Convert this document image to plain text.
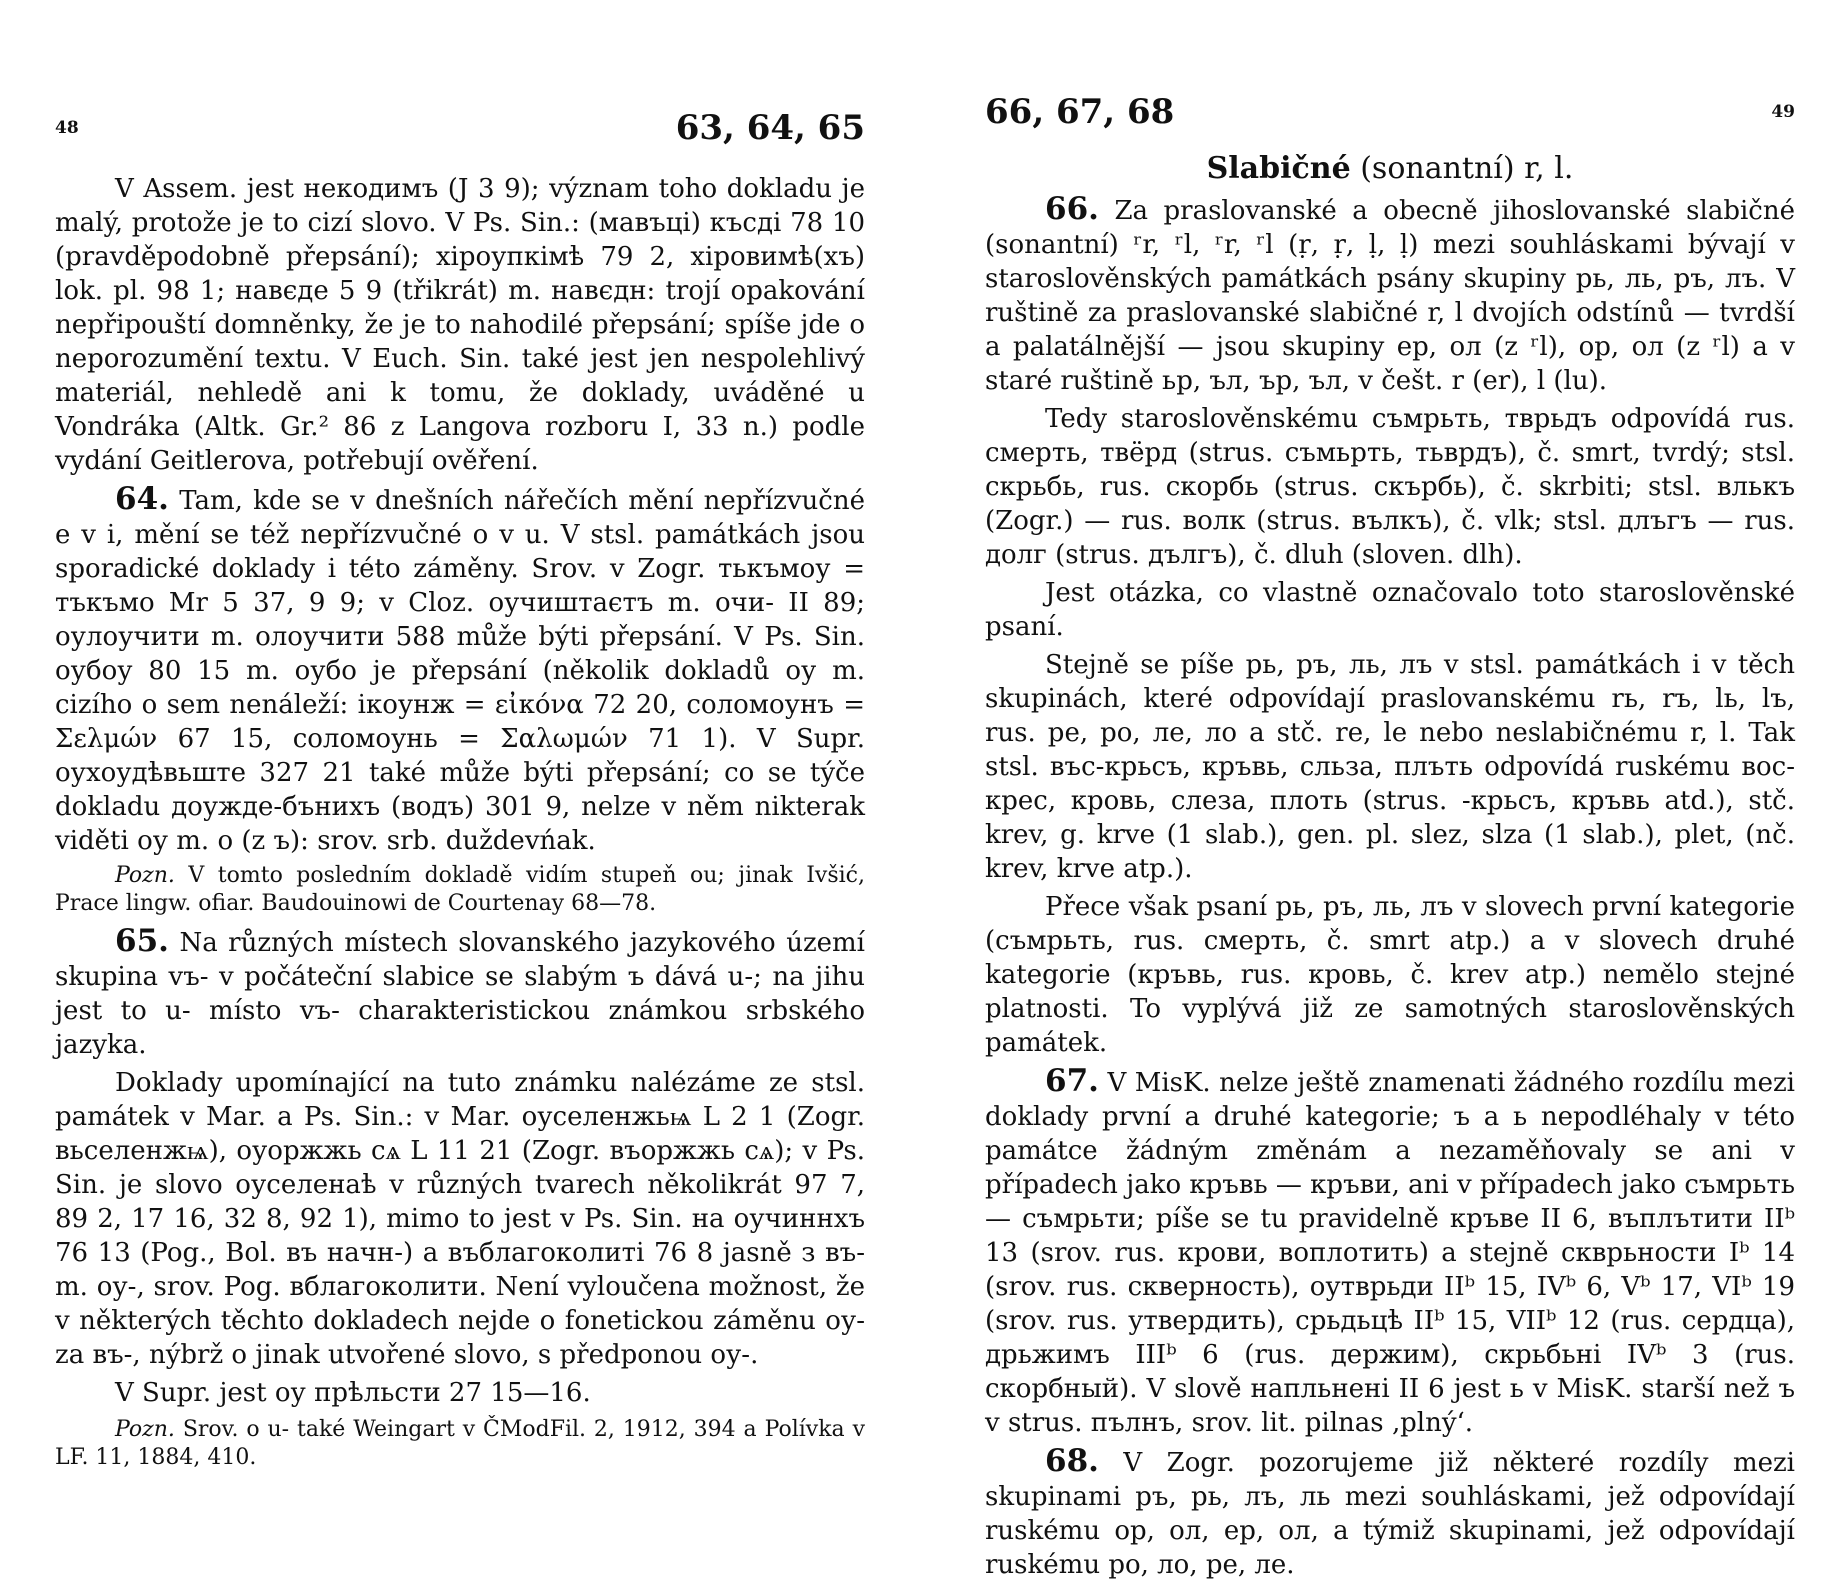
48	63, 64, 65

V Assem. jest некодимъ (J 3 9); význam toho dokladu je malý, protože je to cizí slovo. V Ps. Sin.: (мавъці) късді 78 10 (pravděpodobně přepsání); хіроупкімѣ 79 2, хіровимѣ(хъ) lok. pl. 98 1; навєде 5 9 (třikrát) m. навєдн: trojí opakování nepřipouští domněnky, že je to nahodilé přepsání; spíše jde o neporozumění textu. V Euch. Sin. také jest jen nespolehlivý materiál, nehledě ani k tomu, že doklady, uváděné u Vondráka (Altk. Gr.² 86 z Langova rozboru I, 33 n.) podle vydání Geitlerova, potřebují ověření.

64. Tam, kde se v dnešních nářečích mění nepřízvučné e v i, mění se též nepřízvučné o v u. V stsl. památkách jsou sporadické doklady i této záměny. Srov. v Zogr. тькъмоу = тъкъмо Mr 5 37, 9 9; v Cloz. оучиштаєтъ m. очи- II 89; оулоучити m. олоучити 588 může býti přepsání. V Ps. Sin. оубоу 80 15 m. оубо je přepsání (několik dokladů оу m. cizího o sem nenáleží: ікоунж = εἰκόνα 72 20, соломоунъ = Σελμών 67 15, соломоунь = Σαλωμών 71 1). V Supr. оухоудѣвьште 327 21 také může býti přepsání; co se týče dokladu доужде-бънихъ (водъ) 301 9, nelze v něm nikterak viděti оу m. о (z ъ): srov. srb. duždevńak.

Pozn. V tomto posledním dokladě vidím stupeň ou; jinak Ivšić, Prace lingw. ofiar. Baudouinowi de Courtenay 68—78.

65. Na různých místech slovanského jazykového území skupina vъ- v počáteční slabice se slabým ъ dává u-; na jihu jest to u- místo vъ- charakteristickou známkou srbského jazyka.

Doklady upomínající na tuto známku nalézáme ze stsl. památek v Mar. a Ps. Sin.: v Mar. оуселенжьѩ L 2 1 (Zogr. вьселенжѩ), оуоржжь сѧ L 11 21 (Zogr. въоржжь сѧ); v Ps. Sin. je slovo оуселенаѣ v různých tvarech několikrát 97 7, 89 2, 17 16, 32 8, 92 1), mimo to jest v Ps. Sin. на оучиннхъ 76 13 (Pog., Bol. въ начн-) a въблагоколиті 76 8 jasně з въ- m. оу-, srov. Pog. вблагоколити. Není vyloučena možnost, že v některých těchto dokladech nejde o fonetickou záměnu оу- za въ-, nýbrž o jinak utvořené slovo, s předponou оу-.

V Supr. jest оу прѣльсти 27 15—16.

Pozn. Srov. o u- také Weingart v ČModFil. 2, 1912, 394 a Polívka v LF. 11, 1884, 410.

66, 67, 68	49

Slabičné (sonantní) r, l.

66. Za praslovanské a obecně jihoslovanské slabičné (sonantní) ʳr, ʳl, ʳr, ʳl (ṛ, ṛ, ḷ, ḷ) mezi souhláskami bývají v staroslověnských památkách psány skupiny рь, ль, ръ, лъ. V ruštině za praslovanské slabičné r, l dvojích odstínů — tvrdší a palatálnější — jsou skupiny ер, ол (z ʳl), ор, ол (z ʳl) a v staré ruštině ьр, ъл, ър, ъл, v češt. r (er), l (lu).

Tedy staroslověnskému съмрьть, тврьдъ odpovídá rus. смерть, твёрд (strus. съмьрть, тьврдъ), č. smrt, tvrdý; stsl. скрьбь, rus. скорбь (strus. скърбь), č. skrbiti; stsl. влькъ (Zogr.) — rus. волк (strus. вълкъ), č. vlk; stsl. длъгъ — rus. долг (strus. дългъ), č. dluh (sloven. dlh).

Jest otázka, co vlastně označovalo toto staroslověnské psaní.

Stejně se píše рь, ръ, ль, лъ v stsl. památkách i v těch skupinách, které odpovídají praslovanskému rь, rъ, lь, lъ, rus. ре, ро, ле, ло a stč. re, le nebo neslabičnému r, l. Tak stsl. въс-крьсъ, кръвь, сльза, плъть odpovídá ruskému вос-крес, кровь, слеза, плоть (strus. -крьсъ, кръвь atd.), stč. krev, g. krve (1 slab.), gen. pl. slez, slza (1 slab.), plet, (nč. krev, krve atp.).

Přece však psaní рь, ръ, ль, лъ v slovech první kategorie (съмрьть, rus. смерть, č. smrt atp.) a v slovech druhé kategorie (кръвь, rus. кровь, č. krev atp.) nemělo stejné platnosti. To vyplývá již ze samotných staroslověnských památek.

67. V MisK. nelze ještě znamenati žádného rozdílu mezi doklady první a druhé kategorie; ъ a ь nepodléhaly v této památce žádným změnám a nezaměňovaly se ani v případech jako кръвь — кръви, ani v případech jako съмрьть — съмрьти; píše se tu pravidelně кръве II 6, въплътити IIᵇ 13 (srov. rus. крови, воплотить) a stejně скврьности Iᵇ 14 (srov. rus. скверность), оутврьди IIᵇ 15, IVᵇ 6, Vᵇ 17, VIᵇ 19 (srov. rus. утвердить), срьдьцѣ IIᵇ 15, VIIᵇ 12 (rus. сердца), дрьжимъ IIIᵇ 6 (rus. держим), скрьбьні IVᵇ 3 (rus. скорбный). V slově напльнені II 6 jest ь v MisK. starší než ъ v strus. пълнъ, srov. lit. pilnas ‚plný‘.

68. V Zogr. pozorujeme již některé rozdíly mezi skupinami ръ, рь, лъ, ль mezi souhláskami, jež odpovídají ruskému ор, ол, ер, ол, a týmiž skupinami, jež odpovídají ruskému ро, ло, ре, ле.
